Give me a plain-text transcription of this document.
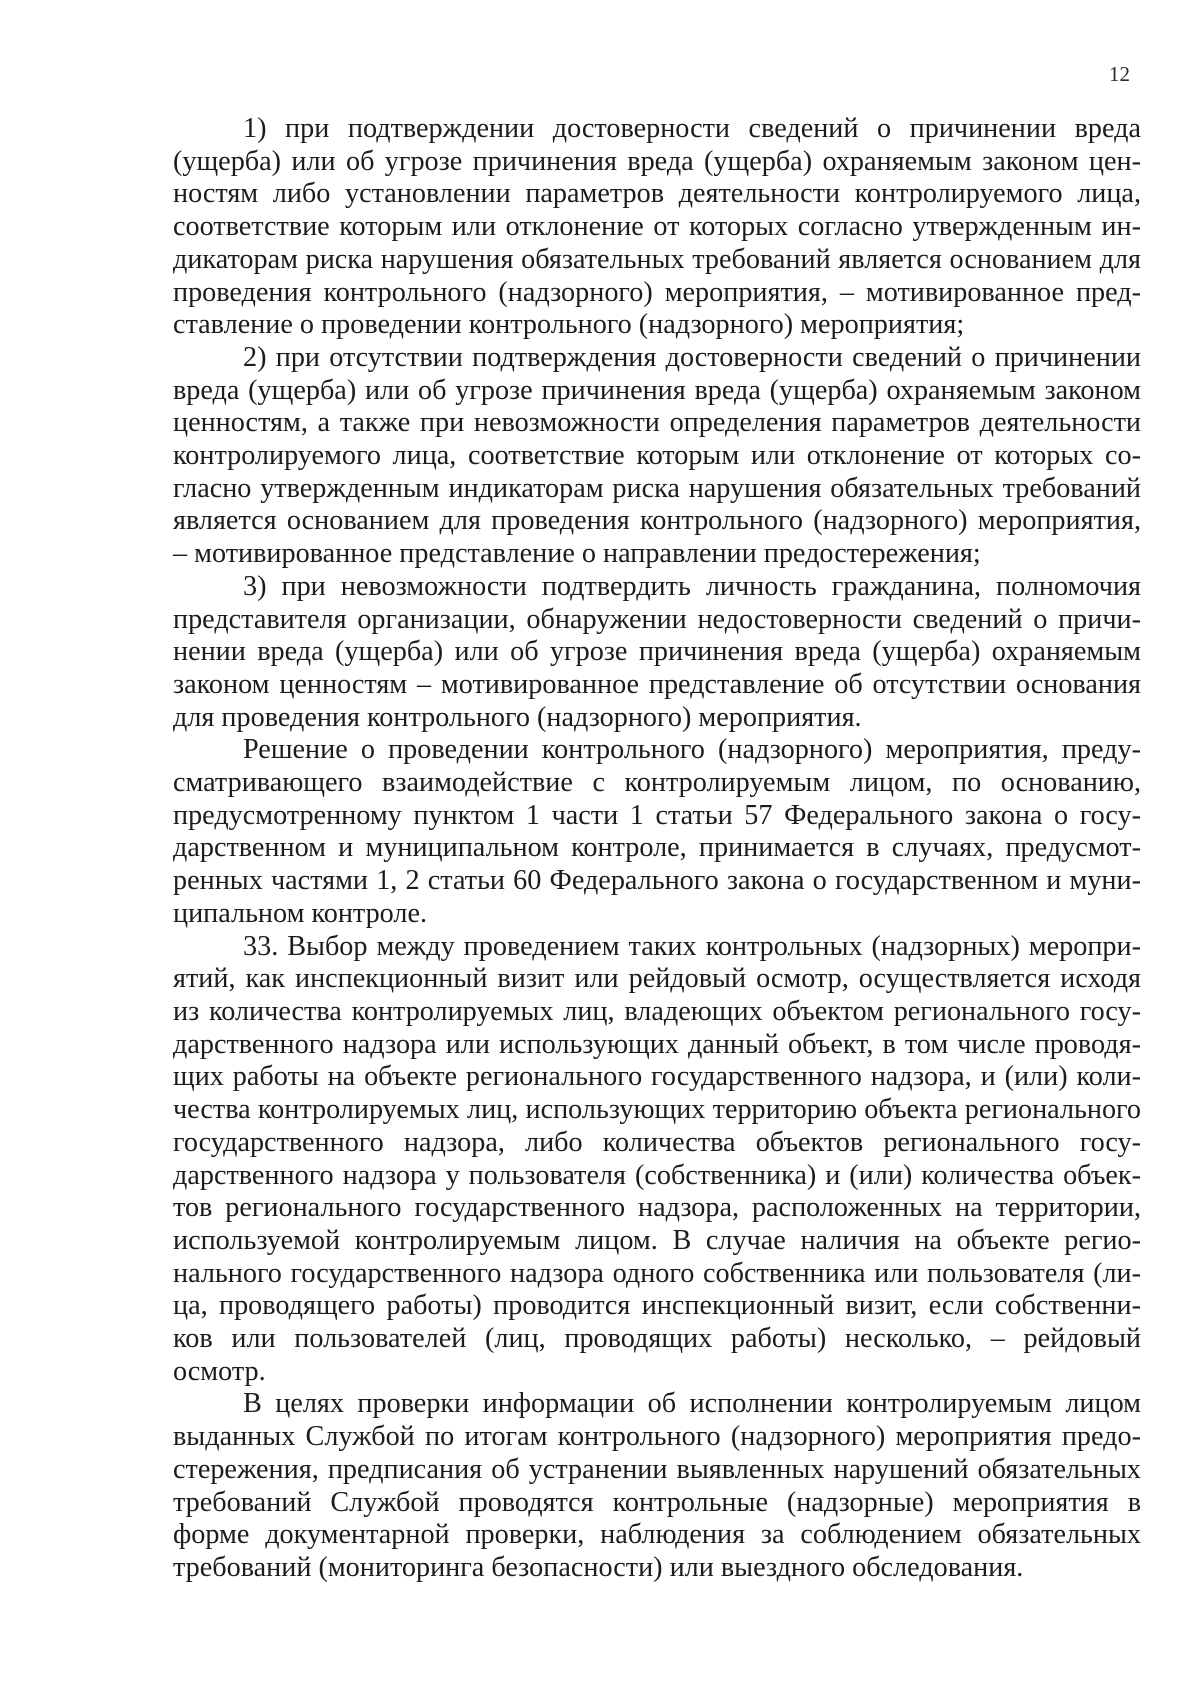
12

1) при подтверждении достоверности сведений о причинении вреда (ущерба) или об угрозе причинения вреда (ущерба) охраняемым законом ценностям либо установлении параметров деятельности контролируемого лица, соответствие которым или отклонение от которых согласно утвержденным индикаторам риска нарушения обязательных требований является основанием для проведения контрольного (надзорного) мероприятия, – мотивированное представление о проведении контрольного (надзорного) мероприятия;

2) при отсутствии подтверждения достоверности сведений о причинении вреда (ущерба) или об угрозе причинения вреда (ущерба) охраняемым законом ценностям, а также при невозможности определения параметров деятельности контролируемого лица, соответствие которым или отклонение от которых согласно утвержденным индикаторам риска нарушения обязательных требований является основанием для проведения контрольного (надзорного) мероприятия, – мотивированное представление о направлении предостережения;

3) при невозможности подтвердить личность гражданина, полномочия представителя организации, обнаружении недостоверности сведений о причинении вреда (ущерба) или об угрозе причинения вреда (ущерба) охраняемым законом ценностям – мотивированное представление об отсутствии основания для проведения контрольного (надзорного) мероприятия.

Решение о проведении контрольного (надзорного) мероприятия, предусматривающего взаимодействие с контролируемым лицом, по основанию, предусмотренному пунктом 1 части 1 статьи 57 Федерального закона о государственном и муниципальном контроле, принимается в случаях, предусмотренных частями 1, 2 статьи 60 Федерального закона о государственном и муниципальном контроле.

33. Выбор между проведением таких контрольных (надзорных) мероприятий, как инспекционный визит или рейдовый осмотр, осуществляется исходя из количества контролируемых лиц, владеющих объектом регионального государственного надзора или использующих данный объект, в том числе проводящих работы на объекте регионального государственного надзора, и (или) количества контролируемых лиц, использующих территорию объекта регионального государственного надзора, либо количества объектов регионального государственного надзора у пользователя (собственника) и (или) количества объектов регионального государственного надзора, расположенных на территории, используемой контролируемым лицом. В случае наличия на объекте регионального государственного надзора одного собственника или пользователя (лица, проводящего работы) проводится инспекционный визит, если собственников или пользователей (лиц, проводящих работы) несколько, – рейдовый осмотр.

В целях проверки информации об исполнении контролируемым лицом выданных Службой по итогам контрольного (надзорного) мероприятия предостережения, предписания об устранении выявленных нарушений обязательных требований Службой проводятся контрольные (надзорные) мероприятия в форме документарной проверки, наблюдения за соблюдением обязательных требований (мониторинга безопасности) или выездного обследования.
